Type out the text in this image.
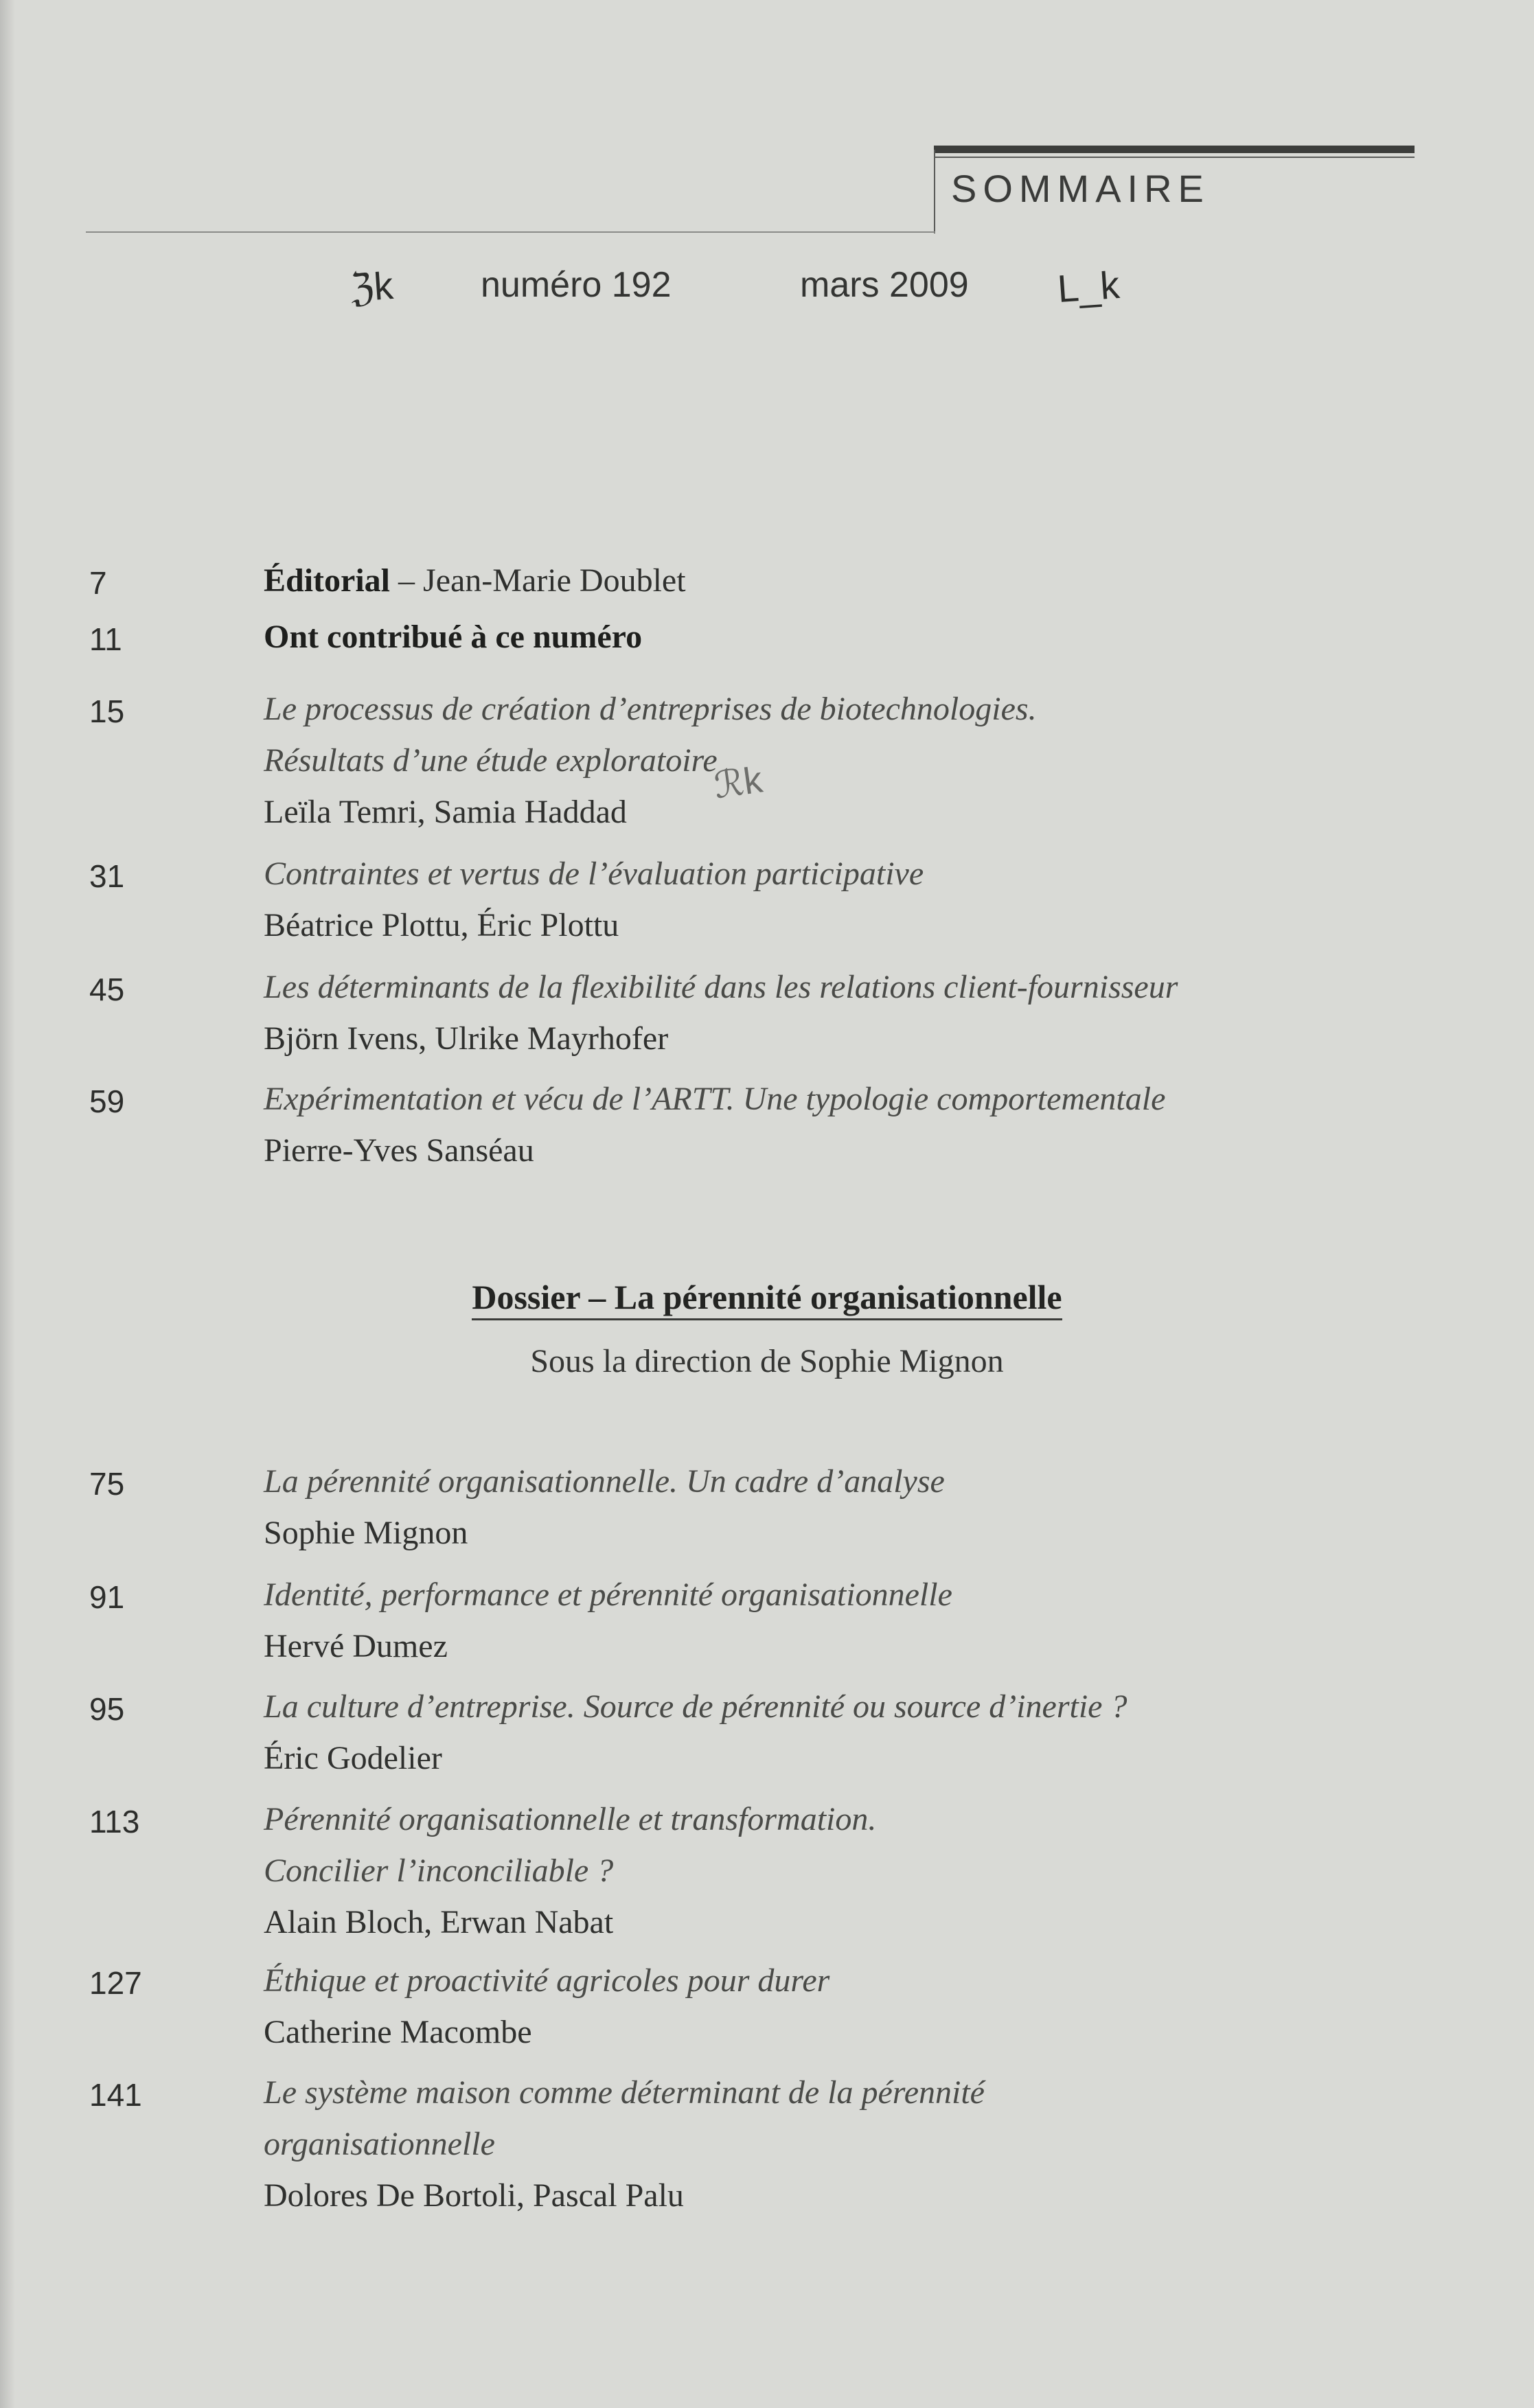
SOMMAIRE
ℨk numéro 192	mars 2009 L_k
ℛk
7	Éditorial – Jean-Marie Doublet
11	Ont contribué à ce numéro
15	Le processus de création d’entreprises de biotechnologies.
Résultats d’une étude exploratoire
Leïla Temri, Samia Haddad
31	Contraintes et vertus de l’évaluation participative
Béatrice Plottu, Éric Plottu
45	Les déterminants de la flexibilité dans les relations client-fournisseur
Björn Ivens, Ulrike Mayrhofer
59	Expérimentation et vécu de l’ARTT. Une typologie comportementale
Pierre-Yves Sanséau
Dossier – La pérennité organisationnelle
Sous la direction de Sophie Mignon
75	La pérennité organisationnelle. Un cadre d’analyse
Sophie Mignon
91	Identité, performance et pérennité organisationnelle
Hervé Dumez
95	La culture d’entreprise. Source de pérennité ou source d’inertie ?
Éric Godelier
113	Pérennité organisationnelle et transformation.
Concilier l’inconciliable ?
Alain Bloch, Erwan Nabat
127	Éthique et proactivité agricoles pour durer
Catherine Macombe
141	Le système maison comme déterminant de la pérennité
organisationnelle
Dolores De Bortoli, Pascal Palu
